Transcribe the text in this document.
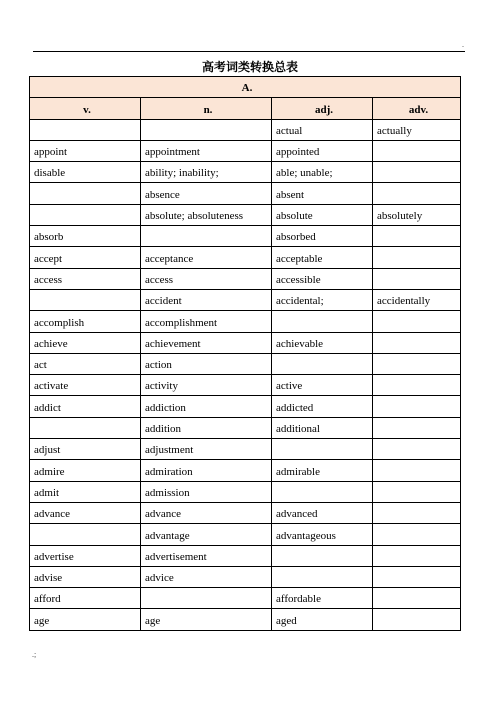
.
高考词类转换总表
A.			
v.	n.	adj.	adv.
		actual	actually
appoint	appointment	appointed	
disable	ability; inability;	able; unable;	
	absence	absent	
	absolute; absoluteness	absolute	absolutely
absorb		absorbed	
accept	acceptance	acceptable	
access	access	accessible	
	accident	accidental;	accidentally
accomplish	accomplishment		
achieve	achievement	achievable	
act	action		
activate	activity	active	
addict	addiction	addicted	
	addition	additional	
adjust	adjustment		
admire	admiration	admirable	
admit	admission		
advance	advance	advanced	
	advantage	advantageous	
advertise	advertisement		
advise	advice		
afford		affordable	
age	age	aged	
.;
